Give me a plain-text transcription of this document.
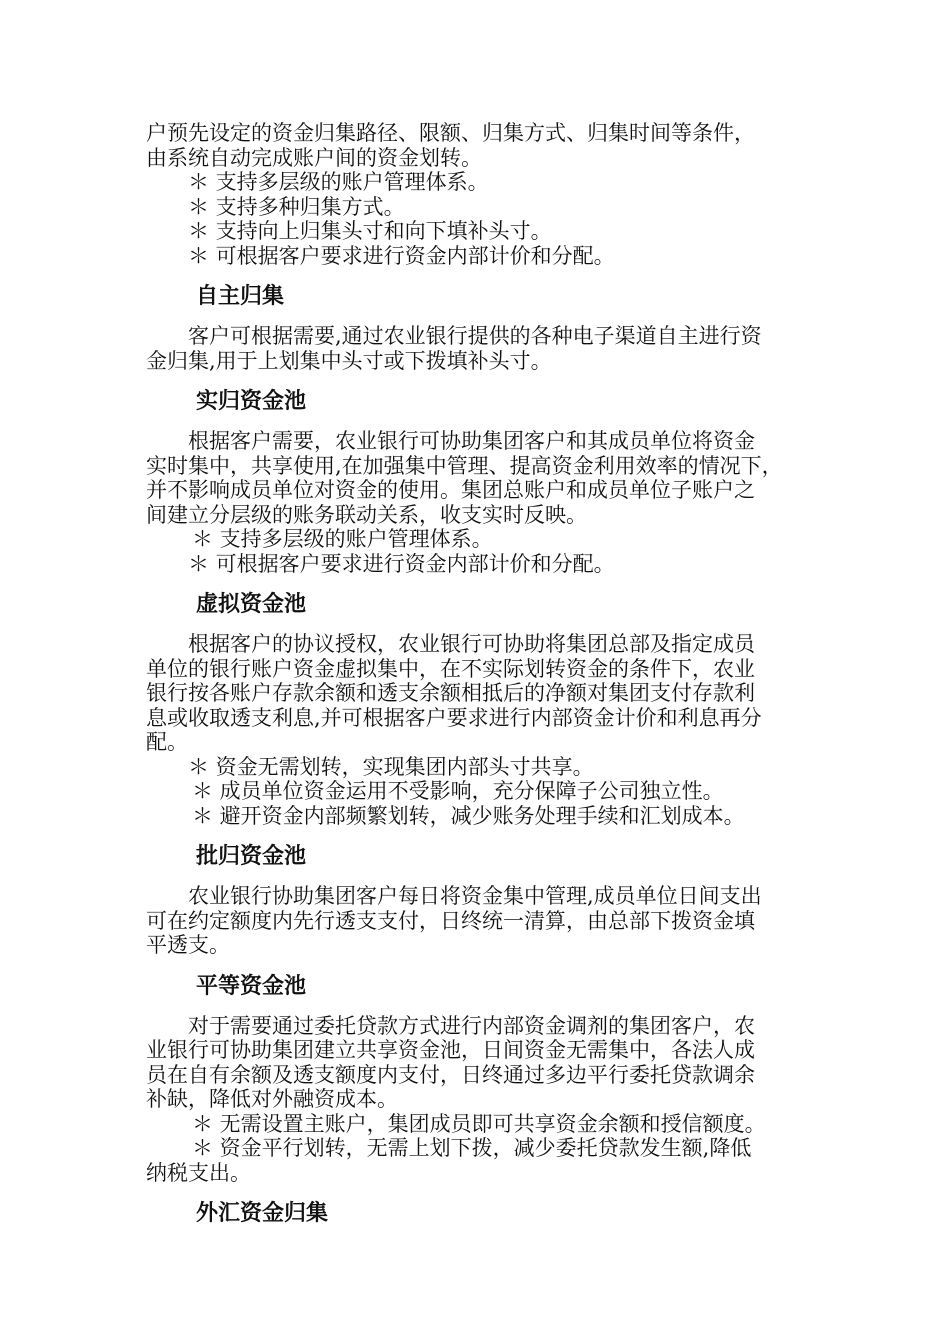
户预先设定的资金归集路径、限额、归集方式、归集时间等条件，

由系统自动完成账户间的资金划转。

＊ 支持多层级的账户管理体系。

＊ 支持多种归集方式。

＊ 支持向上归集头寸和向下填补头寸。

＊ 可根据客户要求进行资金内部计价和分配。

自主归集

客户可根据需要,通过农业银行提供的各种电子渠道自主进行资

金归集,用于上划集中头寸或下拨填补头寸。

实归资金池

根据客户需要，农业银行可协助集团客户和其成员单位将资金

实时集中，共享使用,在加强集中管理、提高资金利用效率的情况下，

并不影响成员单位对资金的使用。集团总账户和成员单位子账户之

间建立分层级的账务联动关系，收支实时反映。

＊ 支持多层级的账户管理体系。

＊ 可根据客户要求进行资金内部计价和分配。

虚拟资金池

根据客户的协议授权，农业银行可协助将集团总部及指定成员

单位的银行账户资金虚拟集中，在不实际划转资金的条件下，农业

银行按各账户存款余额和透支余额相抵后的净额对集团支付存款利

息或收取透支利息,并可根据客户要求进行内部资金计价和利息再分

配。

＊ 资金无需划转，实现集团内部头寸共享。

＊ 成员单位资金运用不受影响，充分保障子公司独立性。

＊ 避开资金内部频繁划转，减少账务处理手续和汇划成本。

批归资金池

农业银行协助集团客户每日将资金集中管理,成员单位日间支出

可在约定额度内先行透支支付，日终统一清算，由总部下拨资金填

平透支。

平等资金池

对于需要通过委托贷款方式进行内部资金调剂的集团客户，农

业银行可协助集团建立共享资金池，日间资金无需集中，各法人成

员在自有余额及透支额度内支付，日终通过多边平行委托贷款调余

补缺，降低对外融资成本。

＊ 无需设置主账户，集团成员即可共享资金余额和授信额度。

＊ 资金平行划转，无需上划下拨，减少委托贷款发生额,降低

纳税支出。

外汇资金归集
